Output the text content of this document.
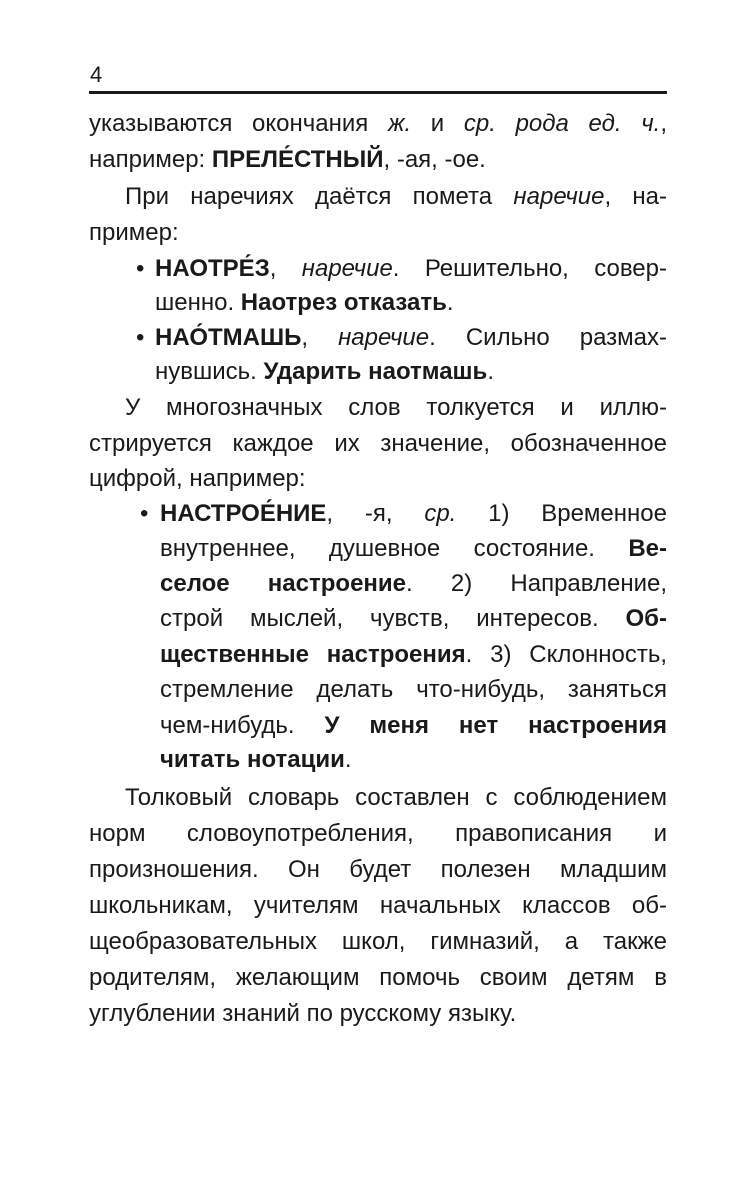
4
указываются окончания ж. и ср. рода ед. ч.,
например: ПРЕЛЕ́СТНЫЙ, -ая, -ое.
При наречиях даётся помета наречие, на-
пример:
• НАОТРЕ́З, наречие. Решительно, совер-
шенно. Наотрез отказать.
• НАО́ТМАШЬ, наречие. Сильно размах-
нувшись. Ударить наотмашь.
У многозначных слов толкуется и иллю-
стрируется каждое их значение, обозначенное
цифрой, например:
• НАСТРОЕ́НИЕ, -я, ср. 1) Временное
внутреннее, душевное состояние. Ве-
селое настроение. 2) Направление,
строй мыслей, чувств, интересов. Об-
щественные настроения. 3) Склонность,
стремление делать что-нибудь, заняться
чем-нибудь. У меня нет настроения
читать нотации.
Толковый словарь составлен с соблюдением
норм словоупотребления, правописания и
произношения. Он будет полезен младшим
школьникам, учителям начальных классов об-
щеобразовательных школ, гимназий, а также
родителям, желающим помочь своим детям в
углублении знаний по русскому языку.
